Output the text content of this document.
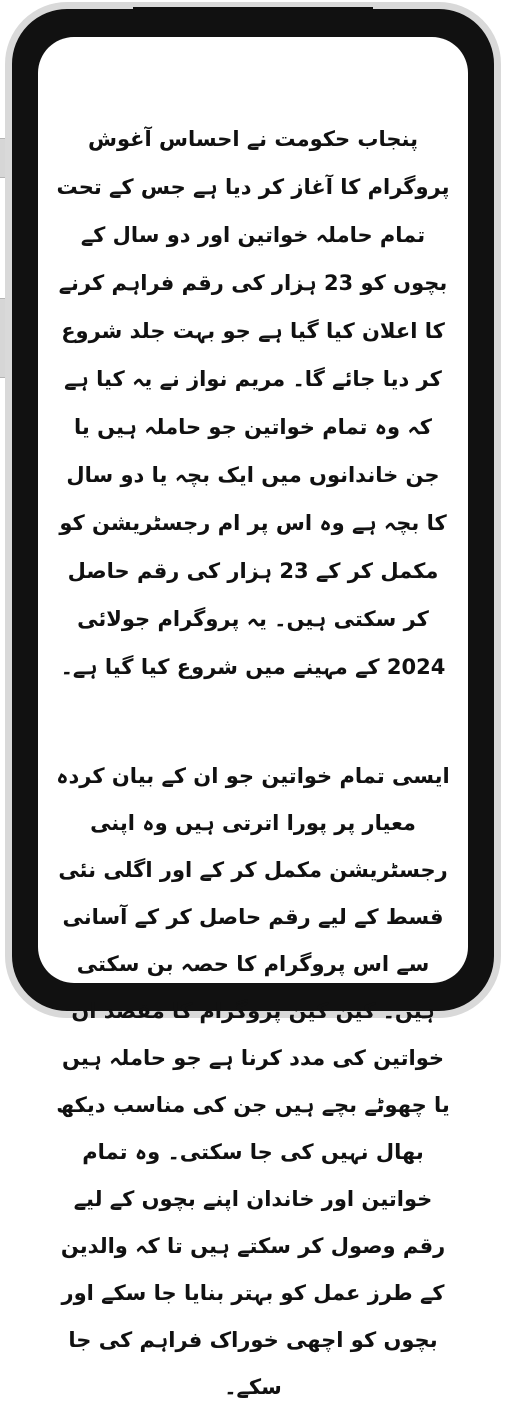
پنجاب حکومت نے احساس آغوش پروگرام کا آغاز کر دیا ہے جس کے تحت تمام حاملہ خواتین اور دو سال کے بچوں کو 23 ہزار کی رقم فراہم کرنے کا اعلان کیا گیا ہے جو بہت جلد شروع کر دیا جائے گا۔ مریم نواز نے یہ کیا ہے کہ وہ تمام خواتین جو حاملہ ہیں یا جن خاندانوں میں ایک بچہ یا دو سال کا بچہ ہے وہ اس پر ام رجسٹریشن کو مکمل کر کے 23 ہزار کی رقم حاصل کر سکتی ہیں۔ یہ پروگرام جولائی 2024 کے مہینے میں شروع کیا گیا ہے۔

ایسی تمام خواتین جو ان کے بیان کردہ معیار پر پورا اترتی ہیں وہ اپنی رجسٹریشن مکمل کر کے اور اگلی نئی قسط کے لیے رقم حاصل کر کے آسانی سے اس پروگرام کا حصہ بن سکتی ہیں۔ کین کین پروگرام کا مقصد ان خواتین کی مدد کرنا ہے جو حاملہ ہیں یا چھوٹے بچے ہیں جن کی مناسب دیکھ بھال نہیں کی جا سکتی۔ وہ تمام خواتین اور خاندان اپنے بچوں کے لیے رقم وصول کر سکتے ہیں تا کہ والدین کے طرز عمل کو بہتر بنایا جا سکے اور بچوں کو اچھی خوراک فراہم کی جا سکے۔
